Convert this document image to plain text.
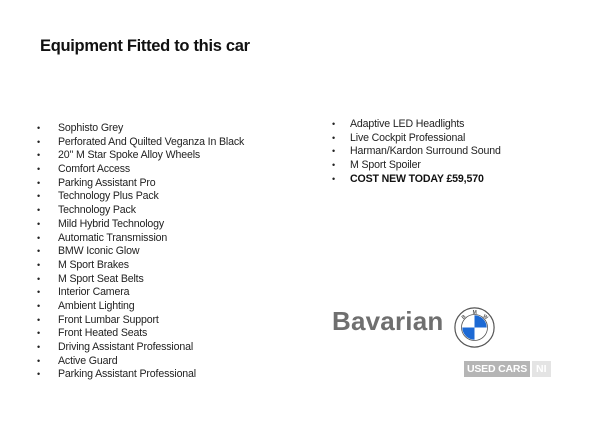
Equipment Fitted to this car
•
Sophisto Grey
•
Perforated And Quilted Veganza In Black
•
20'' M Star Spoke Alloy Wheels
•
Comfort Access
•
Parking Assistant Pro
•
Technology Plus Pack
•
Technology Pack
•
Mild Hybrid Technology
•
Automatic Transmission
•
BMW Iconic Glow
•
M Sport Brakes
•
M Sport Seat Belts
•
Interior Camera
•
Ambient Lighting
•
Front Lumbar Support
•
Front Heated Seats
•
Driving Assistant Professional
•
Active Guard
•
Parking Assistant Professional
•
Adaptive LED Headlights
•
Live Cockpit Professional
•
Harman/Kardon Surround Sound
•
M Sport Spoiler
•
COST NEW TODAY £59,570
Bavarian	B
M
W
USED CARS NI
